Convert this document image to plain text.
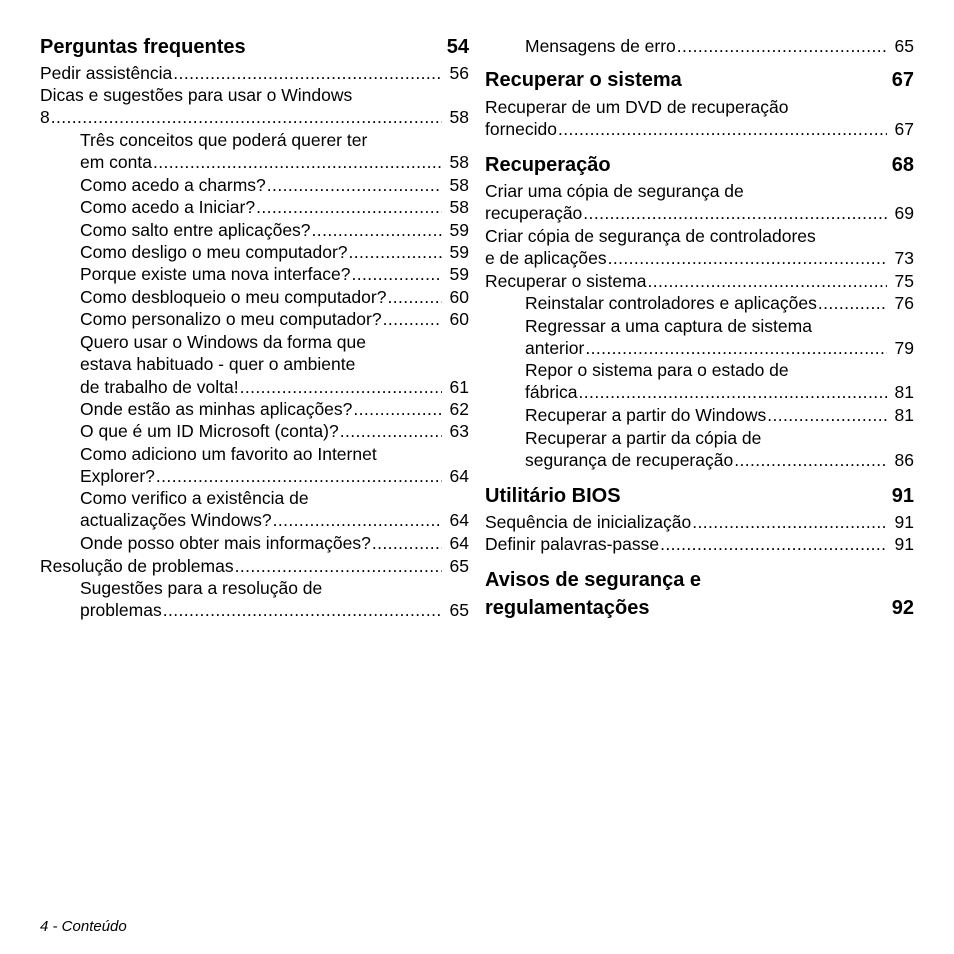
Perguntas frequentes	54
Pedir assistência .....	56
Dicas e sugestões para usar o Windows
8 .....	58
Três conceitos que poderá querer ter
em conta .....	58
Como acedo a charms? .....	58
Como acedo a Iniciar? .....	58
Como salto entre aplicações? .....	59
Como desligo o meu computador? .....	59
Porque existe uma nova interface? .....	59
Como desbloqueio o meu computador? .....	60
Como personalizo o meu computador? .....	60
Quero usar o Windows da forma que
estava habituado - quer o ambiente
de trabalho de volta! .....	61
Onde estão as minhas aplicações? .....	62
O que é um ID Microsoft (conta)? .....	63
Como adiciono um favorito ao Internet
Explorer? .....	64
Como verifico a existência de
actualizações Windows? .....	64
Onde posso obter mais informações? .....	64
Resolução de problemas .....	65
Sugestões para a resolução de
problemas .....	65
Mensagens de erro .....	65
Recuperar o sistema	67
Recuperar de um DVD de recuperação
fornecido .....	67
Recuperação	68
Criar uma cópia de segurança de
recuperação .....	69
Criar cópia de segurança de controladores
e de aplicações .....	73
Recuperar o sistema .....	75
Reinstalar controladores e aplicações .....	76
Regressar a uma captura de sistema
anterior .....	79
Repor o sistema para o estado de
fábrica .....	81
Recuperar a partir do Windows .....	81
Recuperar a partir da cópia de
segurança de recuperação .....	86
Utilitário BIOS	91
Sequência de inicialização .....	91
Definir palavras-passe .....	91
Avisos de segurança e
regulamentações	92
4 - Conteúdo
